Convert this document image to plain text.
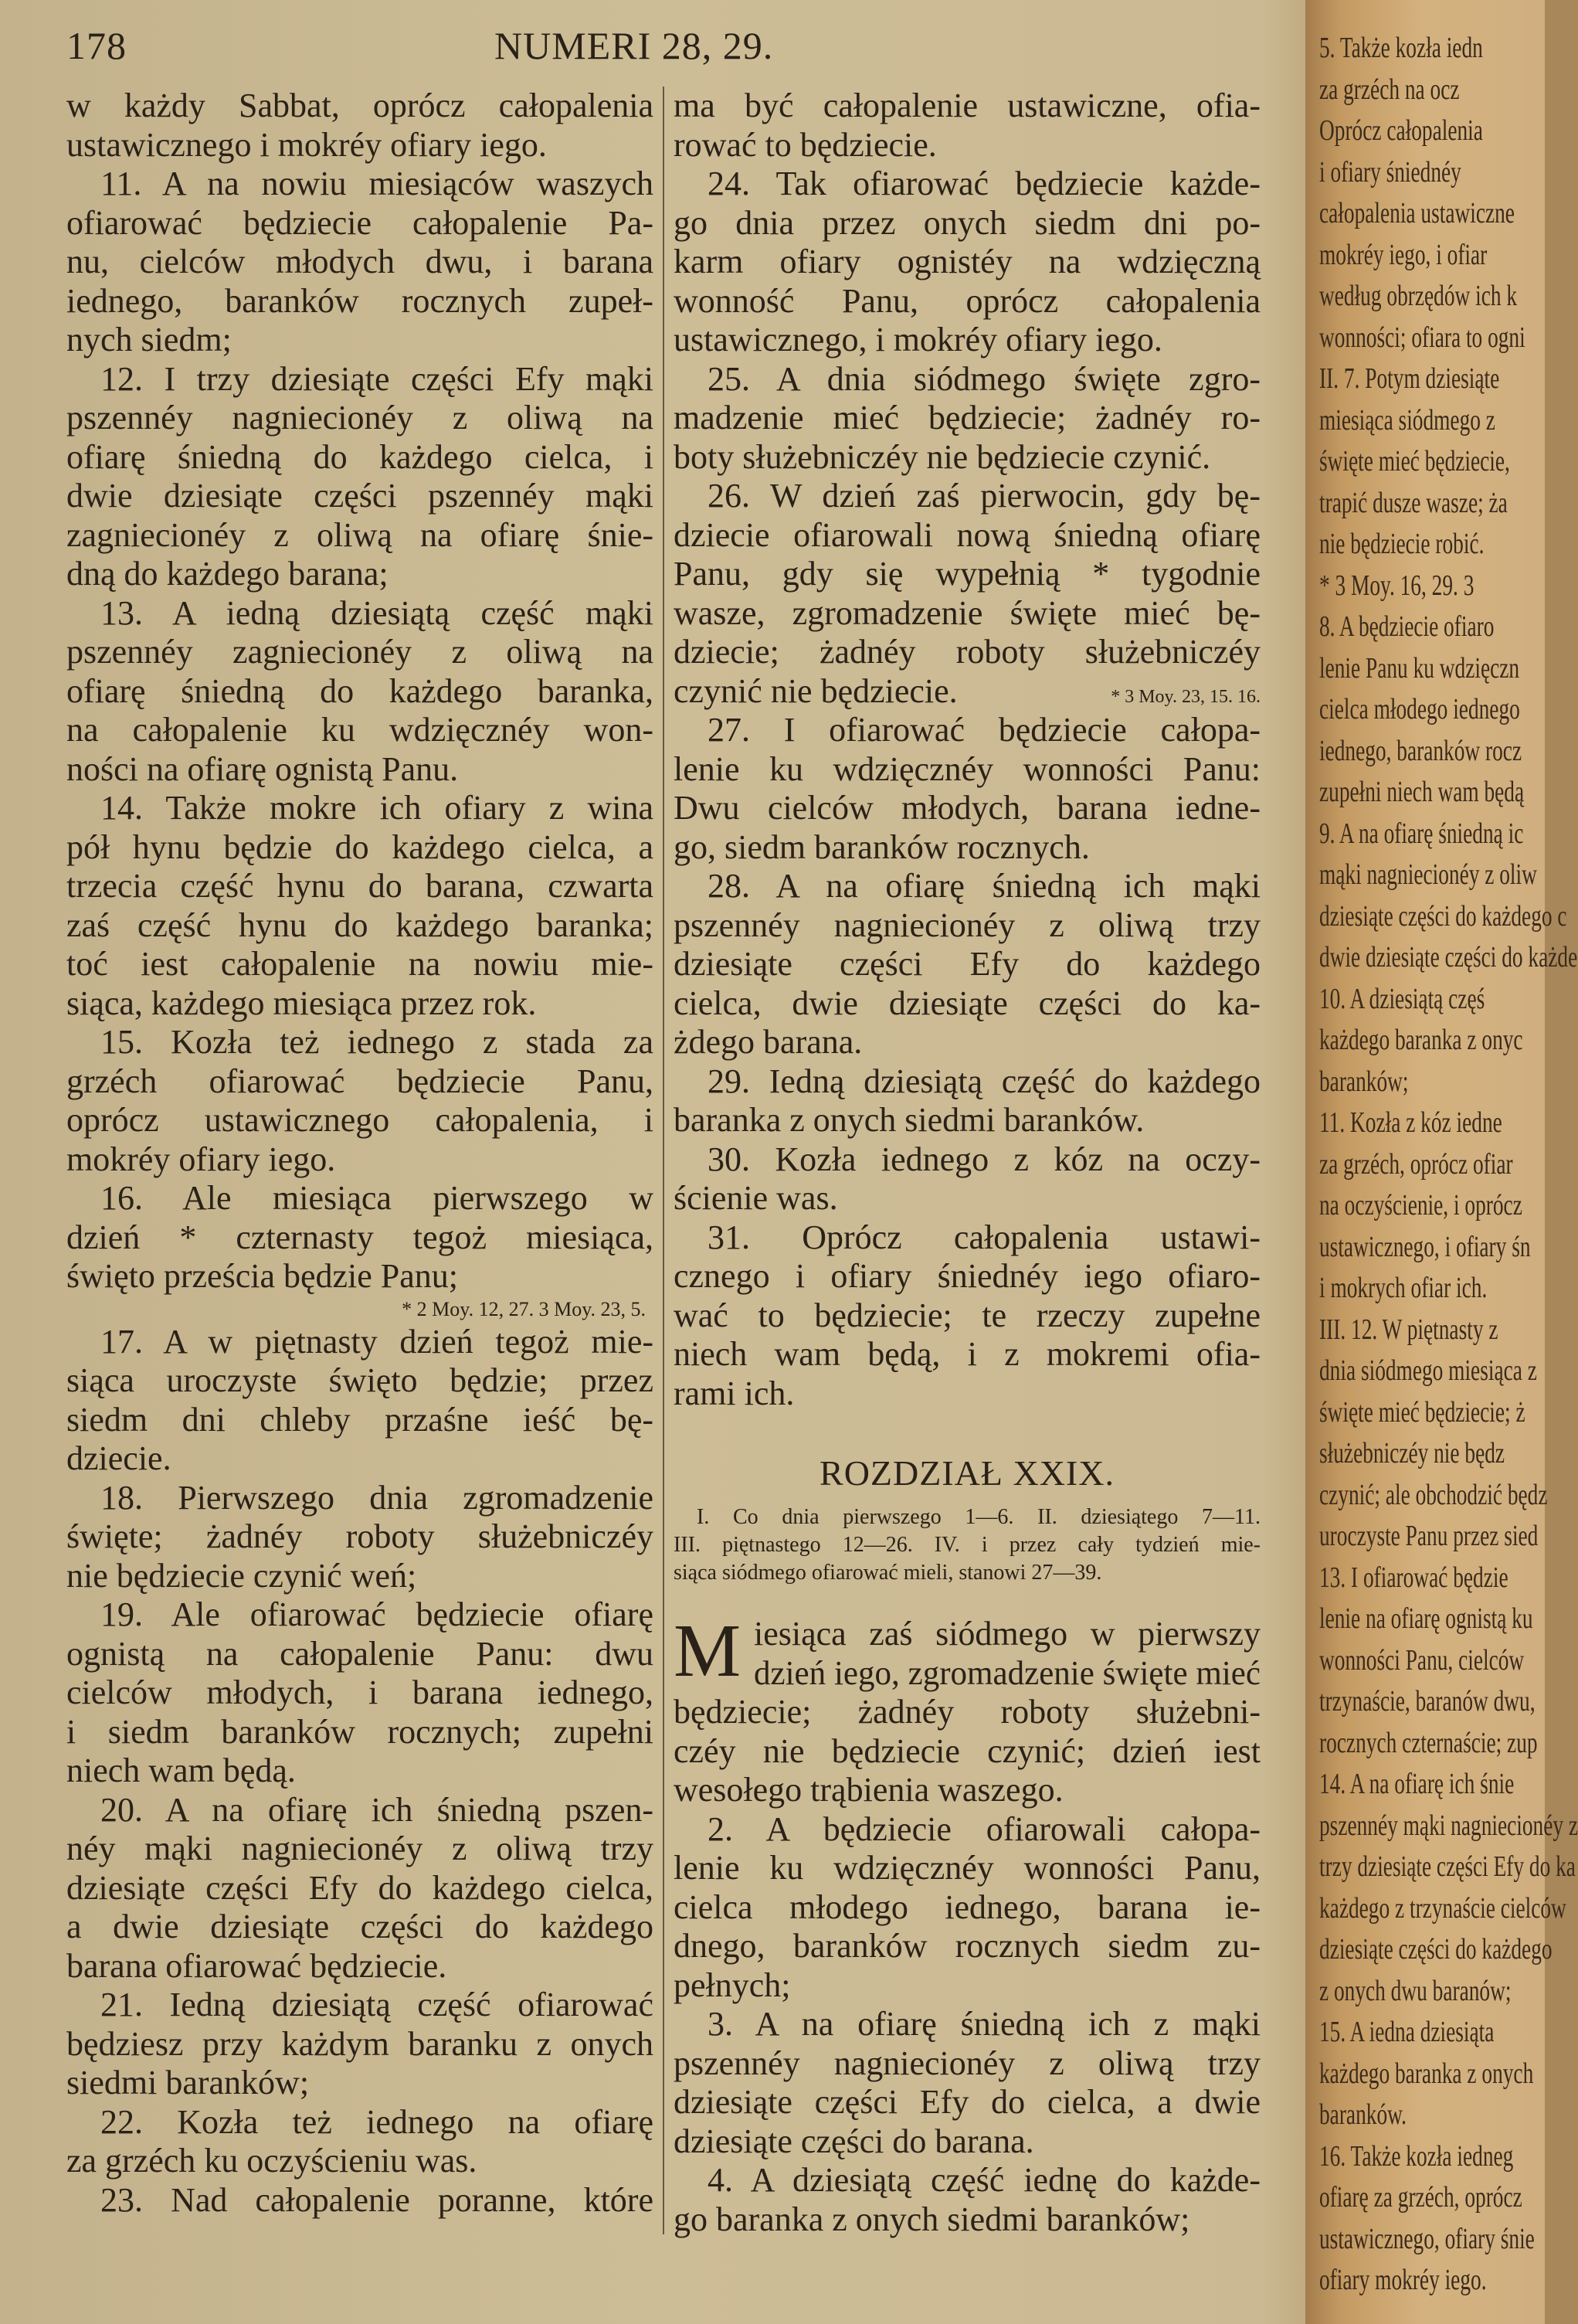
178	NUMERI 28, 29.
w każdy Sabbat, oprócz całopalenia
ustawicznego i mokréy ofiary iego.
11. A na nowiu miesiąców waszych
ofiarować będziecie całopalenie Pa-
nu, cielców młodych dwu, i barana
iednego, baranków rocznych zupeł-
nych siedm;
12. I trzy dziesiąte części Efy mąki
pszennéy nagniecionéy z oliwą na
ofiarę śniedną do każdego cielca, i
dwie dziesiąte części pszennéy mąki
zagniecionéy z oliwą na ofiarę śnie-
dną do każdego barana;
13. A iedną dziesiątą część mąki
pszennéy zagniecionéy z oliwą na
ofiarę śniedną do każdego baranka,
na całopalenie ku wdzięcznéy won-
ności na ofiarę ognistą Panu.
14. Także mokre ich ofiary z wina
pół hynu będzie do każdego cielca, a
trzecia część hynu do barana, czwarta
zaś część hynu do każdego baranka;
toć iest całopalenie na nowiu mie-
siąca, każdego miesiąca przez rok.
15. Kozła też iednego z stada za
grzéch ofiarować będziecie Panu,
oprócz ustawicznego całopalenia, i
mokréy ofiary iego.
16. Ale miesiąca pierwszego w
dzień * czternasty tegoż miesiąca,
święto prześcia będzie Panu;
* 2 Moy. 12, 27. 3 Moy. 23, 5.
17. A w piętnasty dzień tegoż mie-
siąca uroczyste święto będzie; przez
siedm dni chleby przaśne ieść bę-
dziecie.
18. Pierwszego dnia zgromadzenie
święte; żadnéy roboty służebniczéy
nie będziecie czynić weń;
19. Ale ofiarować będziecie ofiarę
ognistą na całopalenie Panu: dwu
cielców młodych, i barana iednego,
i siedm baranków rocznych; zupełni
niech wam będą.
20. A na ofiarę ich śniedną pszen-
néy mąki nagniecionéy z oliwą trzy
dziesiąte części Efy do każdego cielca,
a dwie dziesiąte części do każdego
barana ofiarować będziecie.
21. Iedną dziesiątą część ofiarować
będziesz przy każdym baranku z onych
siedmi baranków;
22. Kozła też iednego na ofiarę
za grzéch ku oczyścieniu was.
23. Nad całopalenie poranne, które
ma być całopalenie ustawiczne, ofia-
rować to będziecie.
24. Tak ofiarować będziecie każde-
go dnia przez onych siedm dni po-
karm ofiary ognistéy na wdzięczną
wonność Panu, oprócz całopalenia
ustawicznego, i mokréy ofiary iego.
25. A dnia siódmego święte zgro-
madzenie mieć będziecie; żadnéy ro-
boty służebniczéy nie będziecie czynić.
26. W dzień zaś pierwocin, gdy bę-
dziecie ofiarowali nową śniedną ofiarę
Panu, gdy się wypełnią * tygodnie
wasze, zgromadzenie święte mieć bę-
dziecie; żadnéy roboty służebniczéy
czynić nie będziecie.	* 3 Moy. 23, 15. 16.
27. I ofiarować będziecie całopa-
lenie ku wdzięcznéy wonności Panu:
Dwu cielców młodych, barana iedne-
go, siedm baranków rocznych.
28. A na ofiarę śniedną ich mąki
pszennéy nagniecionéy z oliwą trzy
dziesiąte części Efy do każdego
cielca, dwie dziesiąte części do ka-
żdego barana.
29. Iedną dziesiątą część do każdego
baranka z onych siedmi baranków.
30. Kozła iednego z kóz na oczy-
ścienie was.
31. Oprócz całopalenia ustawi-
cznego i ofiary śniednéy iego ofiaro-
wać to będziecie; te rzeczy zupełne
niech wam będą, i z mokremi ofia-
rami ich.
ROZDZIAŁ XXIX.
I. Co dnia pierwszego 1—6. II. dziesiątego 7—11.
III. piętnastego 12—26. IV. i przez cały tydzień mie-
siąca siódmego ofiarować mieli, stanowi 27—39.
M iesiąca zaś siódmego w pierwszy
dzień iego, zgromadzenie święte mieć
będziecie; żadnéy roboty służebni-
czéy nie będziecie czynić; dzień iest
wesołego trąbienia waszego.
2. A będziecie ofiarowali całopa-
lenie ku wdzięcznéy wonności Panu,
cielca młodego iednego, barana ie-
dnego, baranków rocznych siedm zu-
pełnych;
3. A na ofiarę śniedną ich z mąki
pszennéy nagniecionéy z oliwą trzy
dziesiąte części Efy do cielca, a dwie
dziesiąte części do barana.
4. A dziesiątą część iednę do każde-
go baranka z onych siedmi baranków;
5. Także kozła iedn
za grzéch na ocz
Oprócz całopalenia
i ofiary śniednéy
całopalenia ustawiczne
mokréy iego, i ofiar
według obrzędów ich k
wonności; ofiara to ogni
II. 7. Potym dziesiąte
miesiąca siódmego z
święte mieć będziecie,
trapić dusze wasze; ża
nie będziecie robić.
* 3 Moy. 16, 29. 3
8. A będziecie ofiaro
lenie Panu ku wdzięczn
cielca młodego iednego
iednego, baranków rocz
zupełni niech wam będą
9. A na ofiarę śniedną ic
mąki nagniecionéy z oliw
dziesiąte części do każdego c
dwie dziesiąte części do każde
10. A dziesiątą częś
każdego baranka z onyc
baranków;
11. Kozła z kóz iedne
za grzéch, oprócz ofiar
na oczyścienie, i oprócz
ustawicznego, i ofiary śn
i mokrych ofiar ich.
III. 12. W piętnasty z
dnia siódmego miesiąca z
święte mieć będziecie; ż
służebniczéy nie będz
czynić; ale obchodzić będz
uroczyste Panu przez sied
13. I ofiarować będzie
lenie na ofiarę ognistą ku
wonności Panu, cielców
trzynaście, baranów dwu,
rocznych czternaście; zup
14. A na ofiarę ich śnie
pszennéy mąki nagniecionéy z
trzy dziesiąte części Efy do ka
każdego z trzynaście cielców
dziesiąte części do każdego
z onych dwu baranów;
15. A iedna dziesiąta
każdego baranka z onych
baranków.
16. Także kozła iedneg
ofiarę za grzéch, oprócz
ustawicznego, ofiary śnie
ofiary mokréy iego.
